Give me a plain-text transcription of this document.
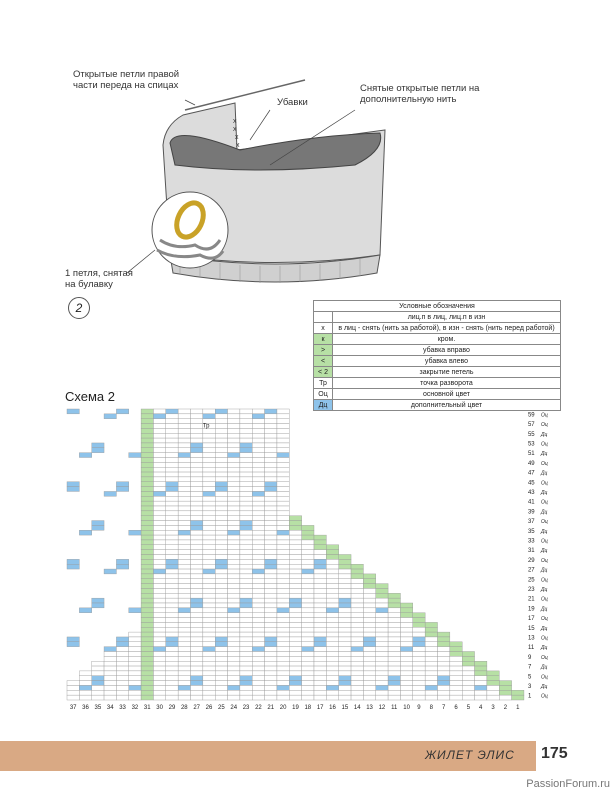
x
x
x
x
Открытые петли правой части переда на спицах
Убавки
Снятые открытые петли на дополнительную нить
1 петля, снятая на булавку
2	Условные обозначения	
	лиц.п в лиц, лиц.п в изн
x	в лиц - снять (нить за работой), в изн - снять (нить перед работой)
к	кром.
>	убавка вправо
<	убавка влево
< 2	закрытие петель
Тр	точка разворота
Оц	основной цвет
Дц	дополнительный цвет
Схема 2
Тр
37 36 35 34 33 32 31 30 29 28 27 26 25 24 23 22 21 20 19 18 17 16 15 14 13 12 11 10 9 8 7 6 5 4 3 2 1
59 Оц
57 Оц
55 Дц
53 Оц
51 Дц
49 Оц
47 Дц
45 Оц
43 Дц
41 Оц
39 Дц
37 Оц
35 Дц
33 Оц
31 Дц
29 Оц
27 Дц
25 Оц
23 Дц
21 Оц
19 Дц
17 Оц
15 Дц
13 Оц
11 Дц
9 Оц
7 Дц
5 Оц
3 Дц
1 Оц
ЖИЛЕТ ЭЛИС 175
PassionForum.ru
